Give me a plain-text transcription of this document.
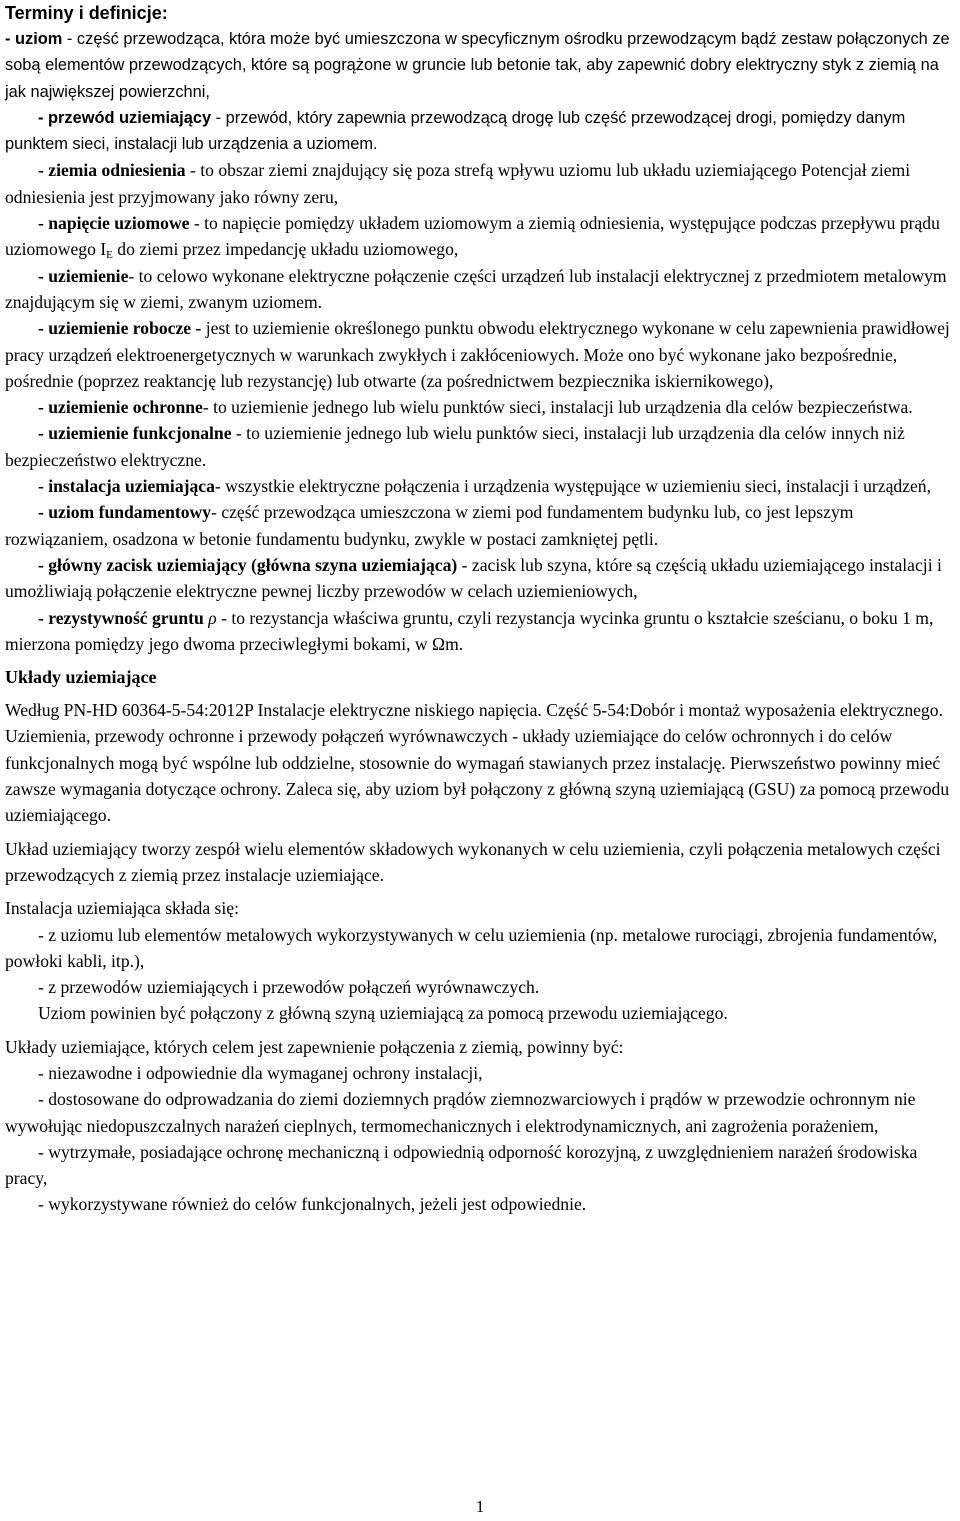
Terminy i definicje:

- uziom - część przewodząca, która może być umieszczona w specyficznym ośrodku przewodzącym bądź zestaw połączonych ze sobą elementów przewodzących, które są pogrążone w gruncie lub betonie tak, aby zapewnić dobry elektryczny styk z ziemią na jak największej powierzchni,

- przewód uziemiający - przewód, który zapewnia przewodzącą drogę lub część przewodzącej drogi, pomiędzy danym punktem sieci, instalacji lub urządzenia a uziomem.

- ziemia odniesienia - to obszar ziemi znajdujący się poza strefą wpływu uziomu lub układu uziemiającego Potencjał ziemi odniesienia jest przyjmowany jako równy zeru,

- napięcie uziomowe - to napięcie pomiędzy układem uziomowym a ziemią odniesienia, występujące podczas przepływu prądu uziomowego $I_E$ do ziemi przez impedancję układu uziomowego,

- uziemienie- to celowo wykonane elektryczne połączenie części urządzeń lub instalacji elektrycznej z przedmiotem metalowym znajdującym się w ziemi, zwanym uziomem.

- uziemienie robocze - jest to uziemienie określonego punktu obwodu elektrycznego wykonane w celu zapewnienia prawidłowej pracy urządzeń elektroenergetycznych w warunkach zwykłych i zakłóceniowych. Może ono być wykonane jako bezpośrednie, pośrednie (poprzez reaktancję lub rezystancję) lub otwarte (za pośrednictwem bezpiecznika iskiernikowego),

- uziemienie ochronne- to uziemienie jednego lub wielu punktów sieci, instalacji lub urządzenia dla celów bezpieczeństwa.

- uziemienie funkcjonalne - to uziemienie jednego lub wielu punktów sieci, instalacji lub urządzenia dla celów innych niż bezpieczeństwo elektryczne.

- instalacja uziemiająca- wszystkie elektryczne połączenia i urządzenia występujące w uziemieniu sieci, instalacji i urządzeń,

- uziom fundamentowy- część przewodząca umieszczona w ziemi pod fundamentem budynku lub, co jest lepszym rozwiązaniem, osadzona w betonie fundamentu budynku, zwykle w postaci zamkniętej pętli.

- główny zacisk uziemiający (główna szyna uziemiająca) - zacisk lub szyna, które są częścią układu uziemiającego instalacji i umożliwiają połączenie elektryczne pewnej liczby przewodów w celach uziemieniowych,

- rezystywność gruntu ρ - to rezystancja właściwa gruntu, czyli rezystancja wycinka gruntu o kształcie sześcianu, o boku 1 m, mierzona pomiędzy jego dwoma przeciwległymi bokami, w Ωm.

Układy uziemiające

Według PN-HD 60364-5-54:2012P Instalacje elektryczne niskiego napięcia. Część 5-54:Dobór i montaż wyposażenia elektrycznego. Uziemienia, przewody ochronne i przewody połączeń wyrównawczych - układy uziemiające do celów ochronnych i do celów funkcjonalnych mogą być wspólne lub oddzielne, stosownie do wymagań stawianych przez instalację. Pierwszeństwo powinny mieć zawsze wymagania dotyczące ochrony. Zaleca się, aby uziom był połączony z główną szyną uziemiającą (GSU) za pomocą przewodu uziemiającego.

Układ uziemiający tworzy zespół wielu elementów składowych wykonanych w celu uziemienia, czyli połączenia metalowych części przewodzących z ziemią przez instalacje uziemiające.

Instalacja uziemiająca składa się:

- z uziomu lub elementów metalowych wykorzystywanych w celu uziemienia (np. metalowe rurociągi, zbrojenia fundamentów, powłoki kabli, itp.),

- z przewodów uziemiających i przewodów połączeń wyrównawczych.

Uziom powinien być połączony z główną szyną uziemiającą za pomocą przewodu uziemiającego.

Układy uziemiające, których celem jest zapewnienie połączenia z ziemią, powinny być:

- niezawodne i odpowiednie dla wymaganej ochrony instalacji,

- dostosowane do odprowadzania do ziemi doziemnych prądów ziemnozwarciowych i prądów w przewodzie ochronnym nie wywołując niedopuszczalnych narażeń cieplnych, termomechanicznych i elektrodynamicznych, ani zagrożenia porażeniem,

- wytrzymałe, posiadające ochronę mechaniczną i odpowiednią odporność korozyjną, z uwzględnieniem narażeń środowiska pracy,

- wykorzystywane również do celów funkcjonalnych, jeżeli jest odpowiednie.

1
